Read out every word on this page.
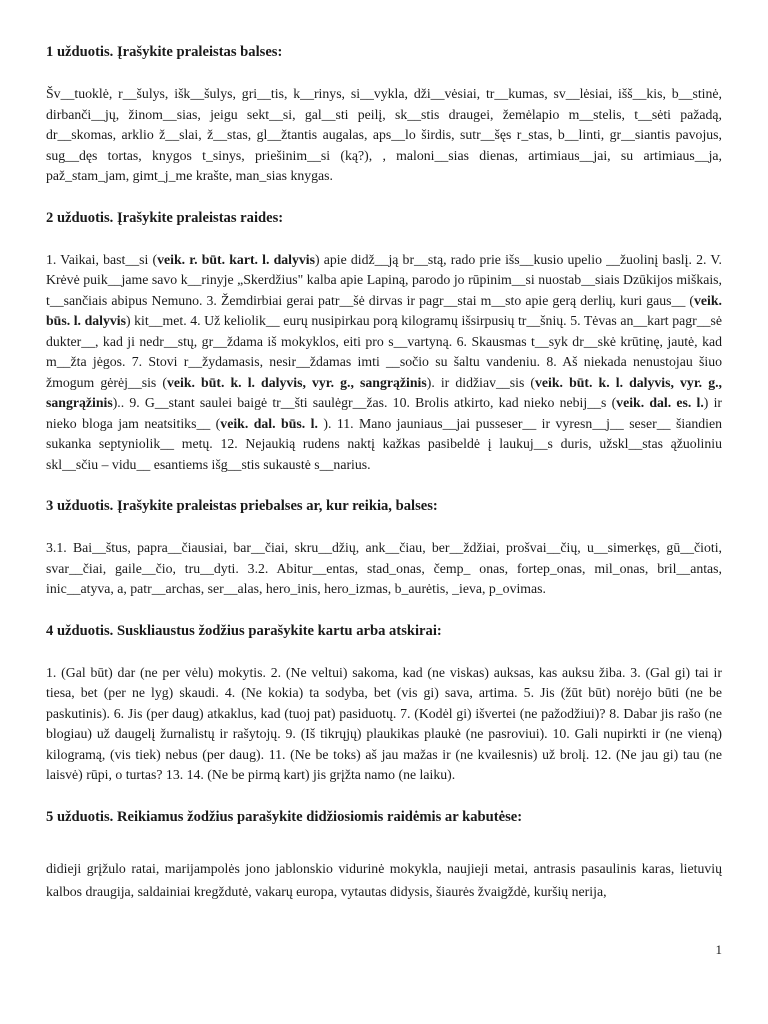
1 užduotis. Įrašykite praleistas balses:

Šv__tuoklė, r__šulys, išk__šulys, gri__tis, k__rinys, si__vykla, dži__vėsiai, tr__kumas, sv__lėsiai, išš__kis, b__stinė, dirbanči__jų, žinom__sias, jeigu sekt__si, gal__sti peilį, sk__stis draugei, žemėlapio m__stelis, t__sėti pažadą, dr__skomas, arklio ž__slai, ž__stas, gl__žtantis augalas, aps__lo širdis, sutr__šęs r_stas, b__linti, gr__siantis pavojus, sug__dęs tortas, knygos t_sinys, priešinim__si (ką?), , maloni__sias dienas, artimiaus__jai, su artimiaus__ja, paž_stam_jam, gimt_j_me krašte, man_sias knygas.

2 užduotis. Įrašykite praleistas raides:

1. Vaikai, bast__si (veik. r. būt. kart. l. dalyvis) apie didž__ją br__stą, rado prie išs__kusio upelio __žuolinį baslį. 2. V. Krėvė puik__jame savo k__rinyje „Skerdžius" kalba apie Lapiną, parodo jo rūpinim__si nuostab__siais Dzūkijos miškais, t__sančiais abipus Nemuno. 3. Žemdirbiai gerai patr__šė dirvas ir pagr__stai m__sto apie gerą derlių, kuri gaus__ (veik. būs. l. dalyvis) kit__met. 4. Už keliolik__ eurų nusipirkau porą kilogramų išsirpusių tr__šnių. 5. Tėvas an__kart pagr__sė dukter__, kad ji nedr__stų, gr__ždama iš mokyklos, eiti pro s__vartyną. 6. Skausmas t__syk dr__skė krūtinę, jautė, kad m__žta jėgos. 7. Stovi r__žydamasis, nesir__ždamas imti __sočio su šaltu vandeniu. 8. Aš niekada nenustojau šiuo žmogum gėrėj__sis (veik. būt. k. l. dalyvis, vyr. g., sangrąžinis). ir didžiav__sis (veik. būt. k. l. dalyvis, vyr. g., sangrąžinis).. 9. G__stant saulei baigė tr__šti saulėgr__žas. 10. Brolis atkirto, kad nieko nebij__s (veik. dal. es. l.) ir nieko bloga jam neatsitiks__ (veik. dal. būs. l. ). 11. Mano jauniaus__jai pusseser__ ir vyresn__j__ seser__ šiandien sukanka septyniolik__ metų. 12. Nejaukią rudens naktį kažkas pasibeldė į laukuj__s duris, užskl__stas ąžuoliniu skl__sčiu – vidu__ esantiems išg__stis sukaustė s__narius.

3 užduotis. Įrašykite praleistas priebalses ar, kur reikia, balses:

3.1. Bai__štus, papra__čiausiai, bar__čiai, skru__džių, ank__čiau, ber__ždžiai, prošvai__čių, u__simerkęs, gū__čioti, svar__čiai, gaile__čio, tru__dyti. 3.2. Abitur__entas, stad_onas, čemp_ onas, fortep_onas, mil_onas, bril__antas, inic__atyva, a, patr__archas, ser__alas, hero_inis, hero_izmas, b_aurėtis, _ieva, p_ovimas.

4 užduotis. Suskliaustus žodžius parašykite kartu arba atskirai:

1. (Gal būt) dar (ne per vėlu) mokytis. 2. (Ne veltui) sakoma, kad (ne viskas) auksas, kas auksu žiba. 3. (Gal gi) tai ir tiesa, bet (per ne lyg) skaudi. 4. (Ne kokia) ta sodyba, bet (vis gi) sava, artima. 5. Jis (žūt būt) norėjo būti (ne be paskutinis). 6. Jis (per daug) atkaklus, kad (tuoj pat) pasiduotų. 7. (Kodėl gi) išvertei (ne pažodžiui)? 8. Dabar jis rašo (ne blogiau) už daugelį žurnalistų ir rašytojų. 9. (Iš tikrųjų) plaukikas plaukė (ne pasroviui). 10. Gali nupirkti ir (ne vieną) kilogramą, (vis tiek) nebus (per daug). 11. (Ne be toks) aš jau mažas ir (ne kvailesnis) už brolį. 12. (Ne jau gi) tau (ne laisvė) rūpi, o turtas? 13. 14. (Ne be pirmą kart) jis grįžta namo (ne laiku).

5 užduotis. Reikiamus žodžius parašykite didžiosiomis raidėmis ar kabutėse:

didieji grįžulo ratai, marijampolės jono jablonskio vidurinė mokykla, naujieji metai, antrasis pasaulinis karas, lietuvių kalbos draugija, saldainiai kregždutė, vakarų europa, vytautas didysis, šiaurės žvaigždė, kuršių nerija,

1
